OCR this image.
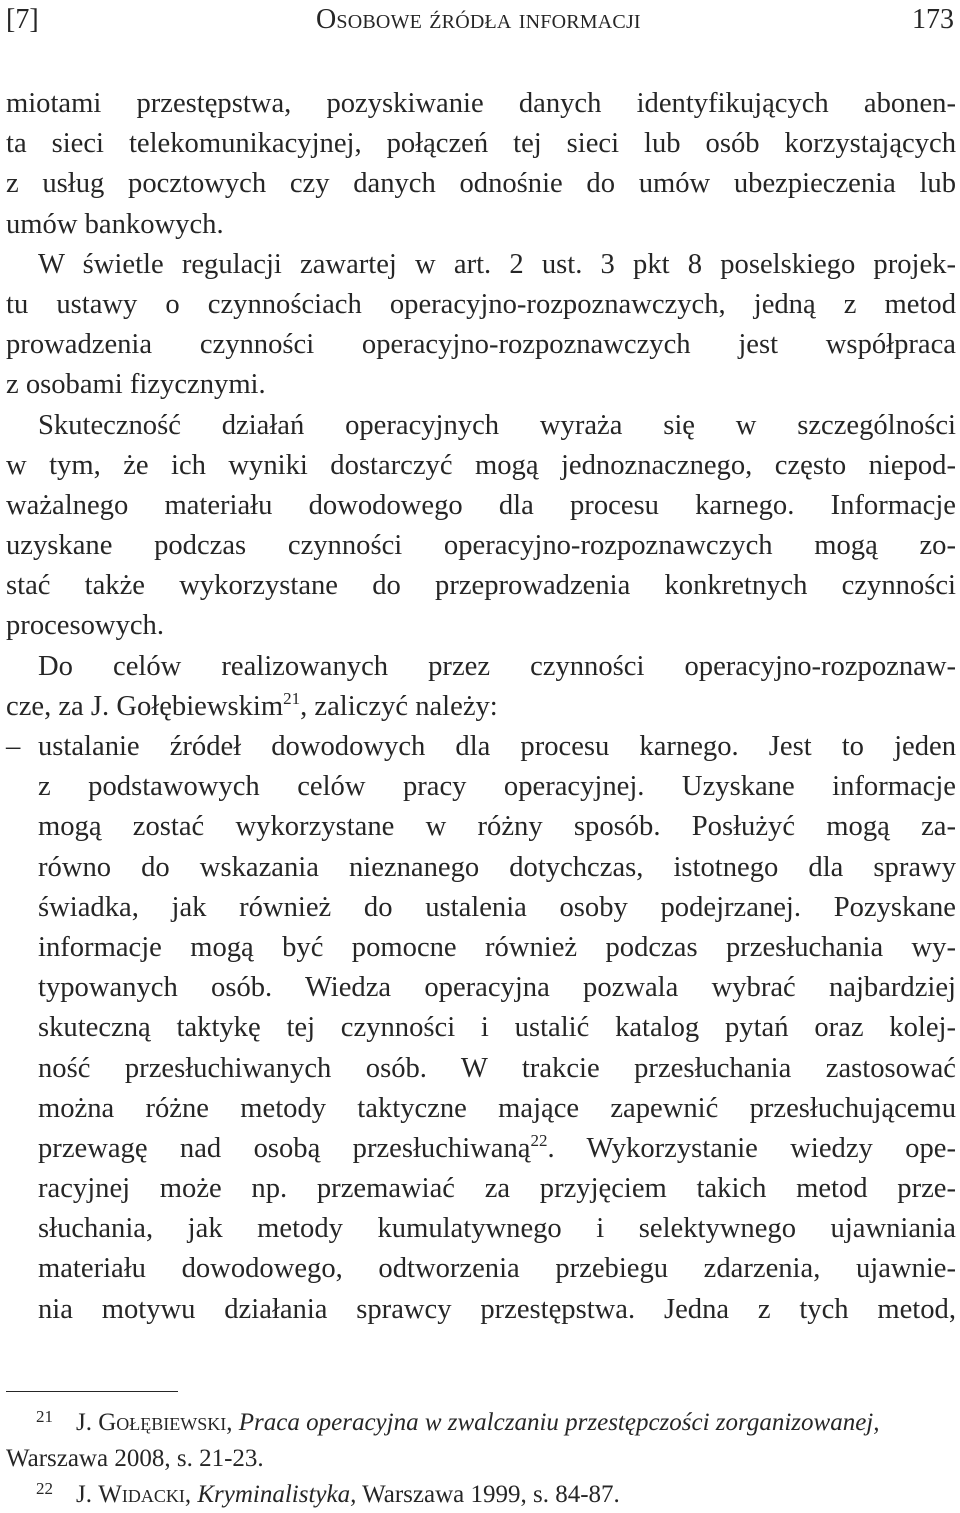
[7]	Osobowe źródła informacji	173
miotami przestępstwa, pozyskiwanie danych identyfikujących abonen-
ta sieci telekomunikacyjnej, połączeń tej sieci lub osób korzystających
z usług pocztowych czy danych odnośnie do umów ubezpieczenia lub
umów bankowych.
W świetle regulacji zawartej w art. 2 ust. 3 pkt 8 poselskiego projek-
tu ustawy o czynnościach operacyjno-rozpoznawczych, jedną z metod
prowadzenia czynności operacyjno-rozpoznawczych jest współpraca
z osobami fizycznymi.
Skuteczność działań operacyjnych wyraża się w szczególności
w tym, że ich wyniki dostarczyć mogą jednoznacznego, często niepod-
ważalnego materiału dowodowego dla procesu karnego. Informacje
uzyskane podczas czynności operacyjno-rozpoznawczych mogą zo-
stać także wykorzystane do przeprowadzenia konkretnych czynności
procesowych.
Do celów realizowanych przez czynności operacyjno-rozpoznaw-
cze, za J. Gołębiewskim$^{21}$, zaliczyć należy:
– ustalanie źródeł dowodowych dla procesu karnego. Jest to jeden
z podstawowych celów pracy operacyjnej. Uzyskane informacje
mogą zostać wykorzystane w różny sposób. Posłużyć mogą za-
równo do wskazania nieznanego dotychczas, istotnego dla sprawy
świadka, jak również do ustalenia osoby podejrzanej. Pozyskane
informacje mogą być pomocne również podczas przesłuchania wy-
typowanych osób. Wiedza operacyjna pozwala wybrać najbardziej
skuteczną taktykę tej czynności i ustalić katalog pytań oraz kolej-
ność przesłuchiwanych osób. W trakcie przesłuchania zastosować
można różne metody taktyczne mające zapewnić przesłuchującemu
przewagę nad osobą przesłuchiwaną$^{22}$. Wykorzystanie wiedzy ope-
racyjnej może np. przemawiać za przyjęciem takich metod prze-
słuchania, jak metody kumulatywnego i selektywnego ujawniania
materiału dowodowego, odtworzenia przebiegu zdarzenia, ujawnie-
nia motywu działania sprawcy przestępstwa. Jedna z tych metod,
21 J. Gołębiewski, Praca operacyjna w zwalczaniu przestępczości zorganizowanej,
Warszawa 2008, s. 21-23.
22 J. Widacki, Kryminalistyka, Warszawa 1999, s. 84-87.
